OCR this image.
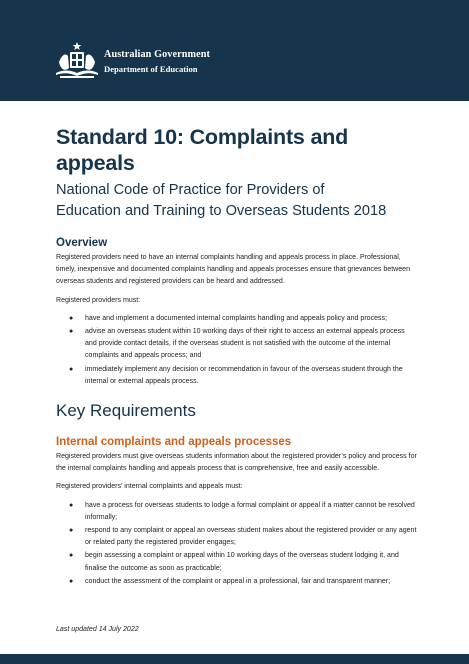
Australian Government
Department of Education
Standard 10: Complaints and appeals
National Code of Practice for Providers of
Education and Training to Overseas Students 2018
Overview

Registered providers need to have an internal complaints handling and appeals process in place. Professional, timely, inexpensive and documented complaints handling and appeals processes ensure that grievances between overseas students and registered providers can be heard and addressed.

Registered providers must:

● have and implement a documented internal complaints handling and appeals policy and process;
● advise an overseas student within 10 working days of their right to access an external appeals process and provide contact details, if the overseas student is not satisfied with the outcome of the internal complaints and appeals process; and
● immediately implement any decision or recommendation in favour of the overseas student through the internal or external appeals process.
Key Requirements
Internal complaints and appeals processes

Registered providers must give overseas students information about the registered provider’s policy and process for the internal complaints handling and appeals process that is comprehensive, free and easily accessible.

Registered providers’ internal complaints and appeals must:

● have a process for overseas students to lodge a formal complaint or appeal if a matter cannot be resolved informally;
● respond to any complaint or appeal an overseas student makes about the registered provider or any agent or related party the registered provider engages;
● begin assessing a complaint or appeal within 10 working days of the overseas student lodging it, and finalise the outcome as soon as practicable;
● conduct the assessment of the complaint or appeal in a professional, fair and transparent manner;
Last updated 14 July 2022
